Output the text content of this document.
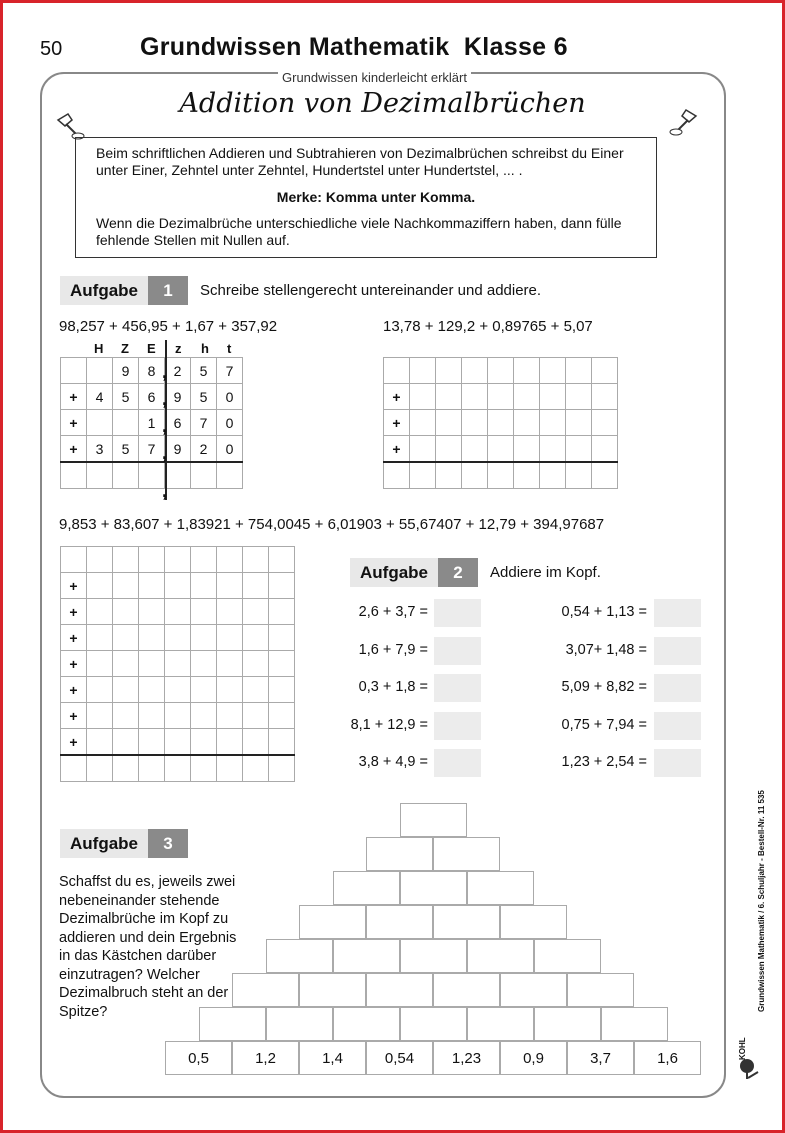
50	Grundwissen Mathematik  Klasse 6
Grundwissen kinderleicht erklärt
Addition von Dezimalbrüchen

Beim schriftlichen Addieren und Subtrahieren von Dezimalbrüchen schreibst du Einer unter Einer, Zehntel unter Zehntel, Hundertstel unter Hundertstel, ... .

Merke: Komma unter Komma.

Wenn die Dezimalbrüche unterschiedliche viele Nachkommaziffern haben, dann fülle fehlende Stellen mit Nullen auf.

Aufgabe	1	Schreibe stellengerecht untereinander und addiere.
98,257 + 456,95 + 1,67 + 357,92	13,78 + 129,2 + 0,89765 + 5,07
H Z E z h t
		9	8	2	5	7
+	4	5	6	9	5	0
+			1	6	7	0
+	3	5	7	9	2	0

,
,
,
,
,

+								
+								
+								

9,853 + 83,607 + 1,83921 + 754,0045 + 6,01903 + 55,67407 + 12,79 + 394,97687

+								
+								
+								
+								
+								
+								
+								

Aufgabe	2	Addiere im Kopf.
2,6 + 3,7 =
1,6 + 7,9 =
0,3 + 1,8 =
8,1 + 12,9 =
3,8 + 4,9 =
0,54 + 1,13 =
3,07+ 1,48 =
5,09 + 8,82 =
0,75 + 7,94 =
1,23 + 2,54 =
Aufgabe	3
Schaffst du es, jeweils zwei nebeneinander stehende Dezimalbrüche im Kopf zu addieren und dein Ergebnis in das Kästchen darüber einzutragen? Welcher Dezimalbruch steht an der Spitze?
0,5	1,2	1,4	0,54	1,23	0,9	3,7	1,6
Grundwissen Mathematik / 6. Schuljahr - Bestell-Nr. 11 535
KOHL
